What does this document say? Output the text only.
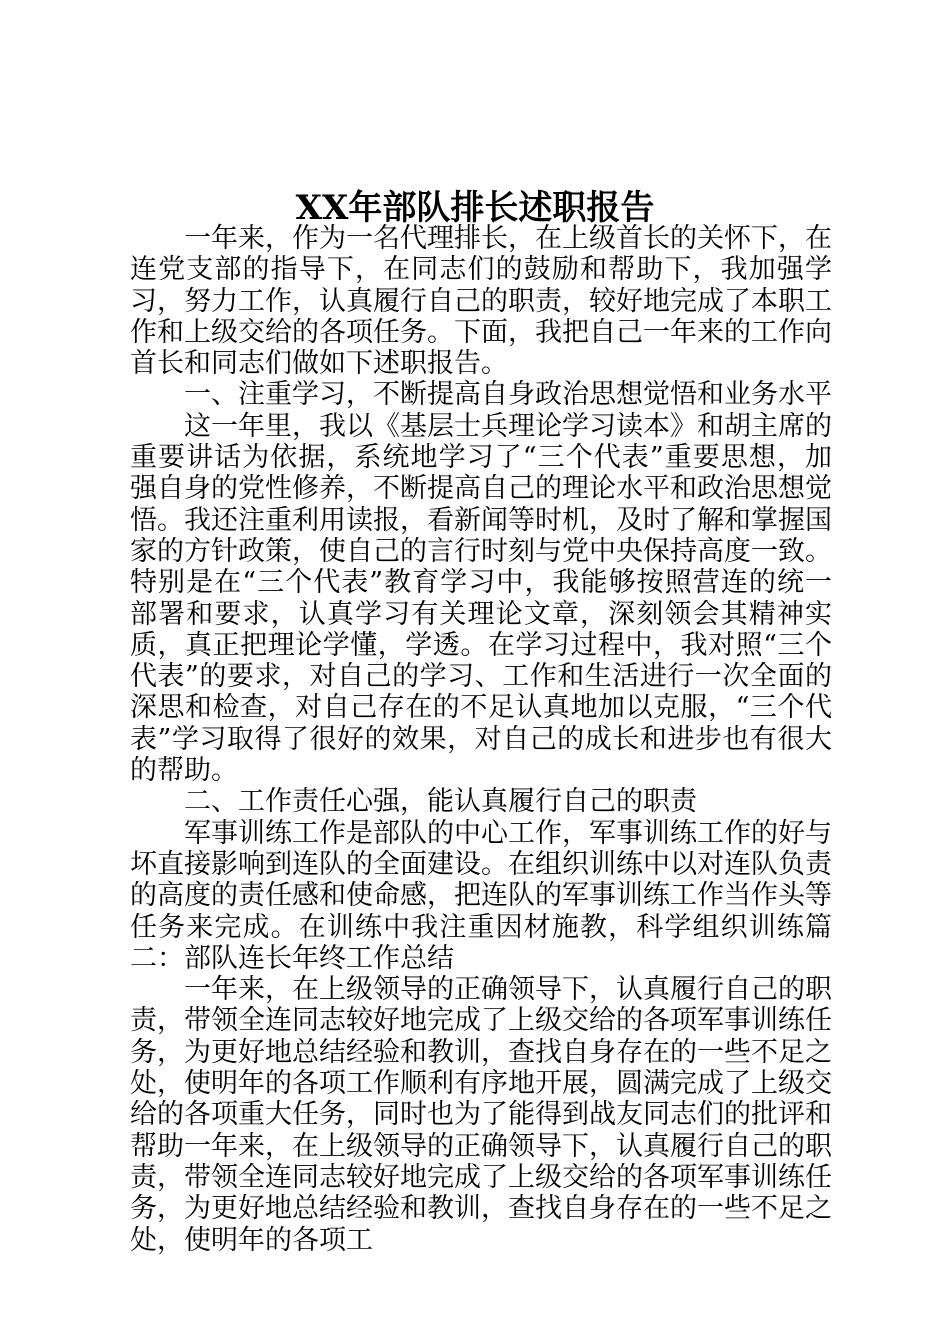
XX年部队排长述职报告

一年来，作为一名代理排长，在上级首长的关怀下，在连党支部的指导下，在同志们的鼓励和帮助下，我加强学习，努力工作，认真履行自己的职责，较好地完成了本职工作和上级交给的各项任务。下面，我把自己一年来的工作向首长和同志们做如下述职报告。

一、注重学习，不断提高自身政治思想觉悟和业务水平

这一年里，我以《基层士兵理论学习读本》和胡主席的重要讲话为依据，系统地学习了“三个代表”重要思想，加强自身的党性修养，不断提高自己的理论水平和政治思想觉悟。我还注重利用读报，看新闻等时机，及时了解和掌握国家的方针政策，使自己的言行时刻与党中央保持高度一致。特别是在“三个代表”教育学习中，我能够按照营连的统一部署和要求，认真学习有关理论文章，深刻领会其精神实质，真正把理论学懂，学透。在学习过程中，我对照“三个代表”的要求，对自己的学习、工作和生活进行一次全面的深思和检查，对自己存在的不足认真地加以克服，“三个代表”学习取得了很好的效果，对自己的成长和进步也有很大的帮助。

二、工作责任心强，能认真履行自己的职责

军事训练工作是部队的中心工作，军事训练工作的好与坏直接影响到连队的全面建设。在组织训练中以对连队负责的高度的责任感和使命感，把连队的军事训练工作当作头等任务来完成。在训练中我注重因材施教，科学组织训练篇二：部队连长年终工作总结

一年来，在上级领导的正确领导下，认真履行自己的职责，带领全连同志较好地完成了上级交给的各项军事训练任务，为更好地总结经验和教训，查找自身存在的一些不足之处，使明年的各项工作顺利有序地开展，圆满完成了上级交给的各项重大任务，同时也为了能得到战友同志们的批评和帮助一年来，在上级领导的正确领导下，认真履行自己的职责，带领全连同志较好地完成了上级交给的各项军事训练任务，为更好地总结经验和教训，查找自身存在的一些不足之处，使明年的各项工
